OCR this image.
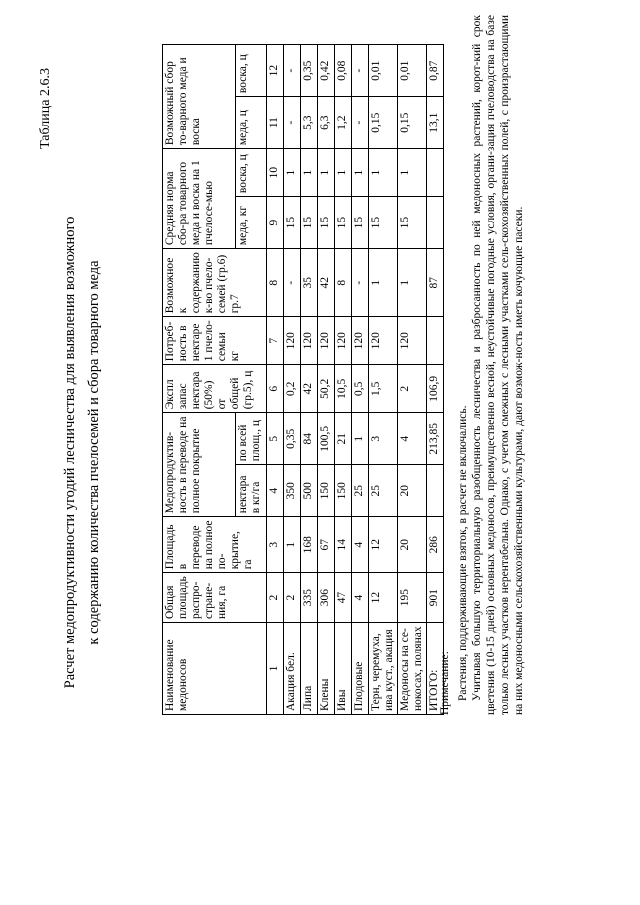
Таблица 2.6.3
Расчет медопродуктивности угодий лесничества для выявления возможного к содержанию количества пчелосемей и сбора товарного меда
Наименование медоносов	Общая площадь распро-стране-ния, га	Площадь в переводе на полное по-крытие, га	Медопродуктив-ность в переводе на полное покрытие		Экспл запас нектара (50%) от общей (гр.5), ц	Потреб-ность в нектаре 1 пчело-семьи кг	Возможное к содержанию к-во пчело-семей (гр.6) гр.7	Средняя норма сбо-ра товарного меда и воска на 1 пчелосе-мью		Возможный сбор то-варного меда и воска	
			нектара в кг/га	по всей площ., ц				меда, кг	воска, ц	меда, ц	воска, ц
1	2	3	4	5	6	7	8	9	10	11	12
Акация бел.	2	1	350	0,35	0,2	120	-	15	1	-	-
Липа	335	168	500	84	42	120	35	15	1	5,3	0,35
Клены	306	67	150	100,5	50,2	120	42	15	1	6,3	0,42
Ивы	47	14	150	21	10,5	120	8	15	1	1,2	0,08
Плодовые	4	4	25	1	0,5	120	-	15	1	-	-
Терн, черемуха, ива куст., акация	12	12	25	3	1,5	120	1	15	1	0,15	0,01
Медоносы на се-нокосах, полянах	195	20	20	4	2	120	1	15	1	0,15	0,01
ИТОГО:	901	286		213,85	106,9		87			13,1	0,87

Примечание: Растения, поддерживающие взяток, в расчет не включались. Учитывая большую территориальную разобщенность лесничества и разбросанность по ней медоносных растений, корот-кий срок цветения (10-15 дней) основных медоносов, преимущественно весной, неустойчивые погодные условия, органи-зация пчеловодства на базе только лесных участков нерентабельна. Однако, с учетом смежных с лесными участками сель-скохозяйственных полей, с произрастающими на них медоносными сельскохозяйственными культурами, дают возмож-ность иметь кочующие пасеки.
